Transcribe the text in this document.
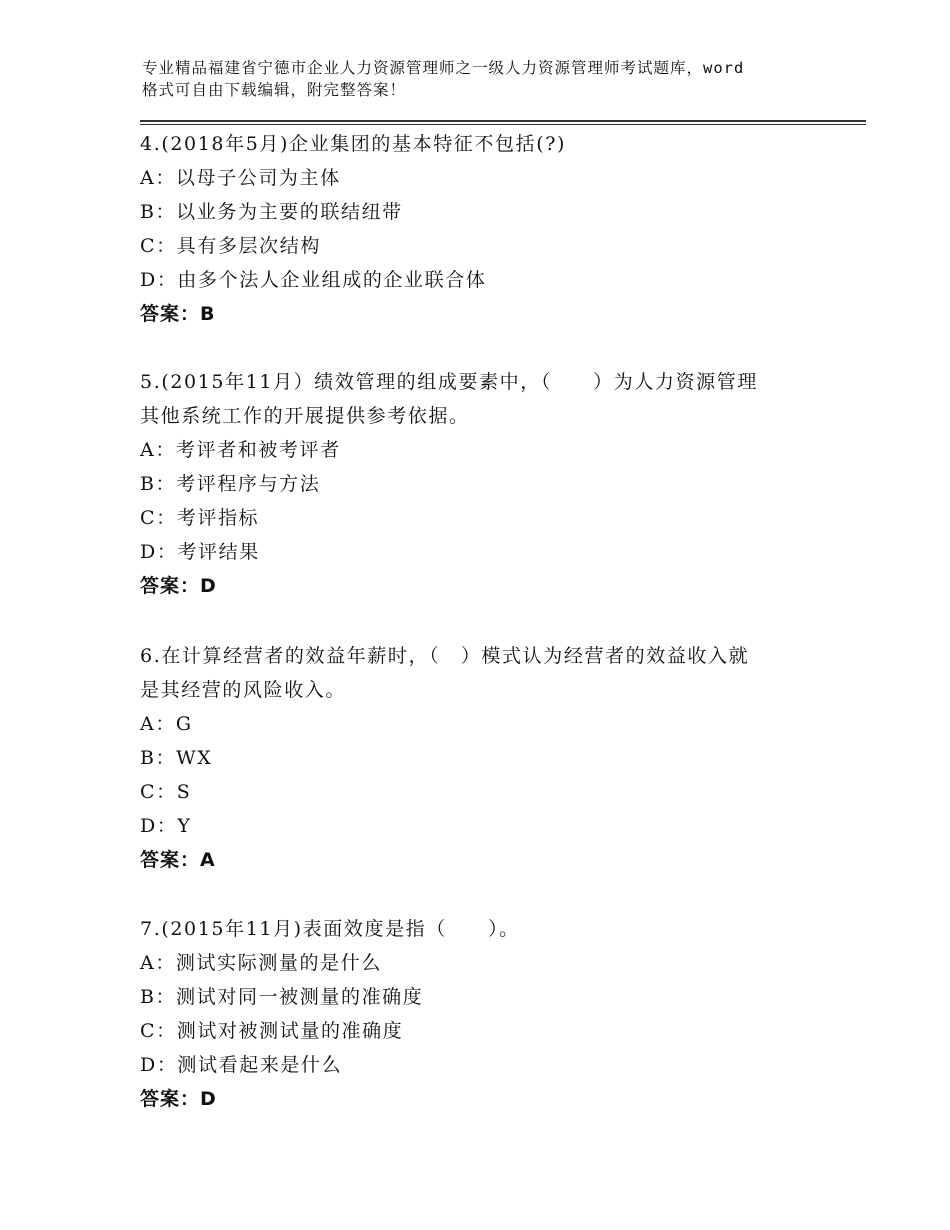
专业精品福建省宁德市企业人力资源管理师之一级人力资源管理师考试题库，word
格式可自由下载编辑，附完整答案！

4.(2018年5月)企业集团的基本特征不包括(?)

A：以母子公司为主体

B：以业务为主要的联结纽带

C：具有多层次结构

D：由多个法人企业组成的企业联合体

答案：B

5.(2015年11月）绩效管理的组成要素中，（　　）为人力资源管理

其他系统工作的开展提供参考依据。

A：考评者和被考评者

B：考评程序与方法

C：考评指标

D：考评结果

答案：D

6.在计算经营者的效益年薪时，（　）模式认为经营者的效益收入就

是其经营的风险收入。

A：G

B：WX

C：S

D：Y

答案：A

7.(2015年11月)表面效度是指（　　）。

A：测试实际测量的是什么

B：测试对同一被测量的准确度

C：测试对被测试量的准确度

D：测试看起来是什么

答案：D
